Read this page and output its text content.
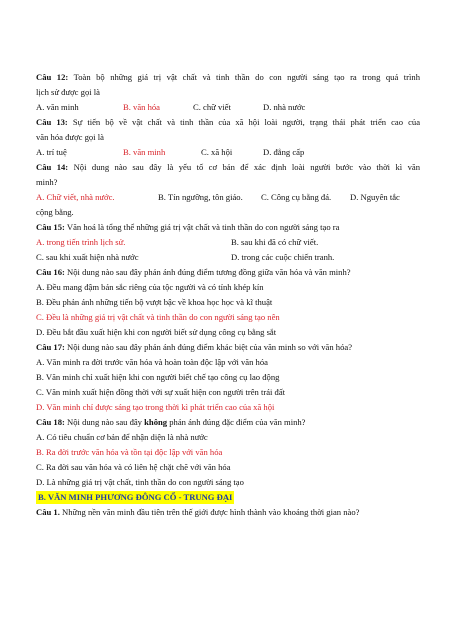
Câu 12: Toàn bộ những giá trị vật chất và tinh thần do con người sáng tạo ra trong quá trình
lịch sử được gọi là
A. văn minh	B. văn hóa	C. chữ viết	D. nhà nước
Câu 13: Sự tiến bộ về vật chất và tinh thần của xã hội loài người, trạng thái phát triển cao của
văn hóa được gọi là
A. trí tuệ	B. văn minh	C. xã hội	D. đẳng cấp
Câu 14: Nội dung nào sau đây là yếu tố cơ bản để xác định loài người bước vào thời kì văn
minh?
A. Chữ viết, nhà nước.	B. Tín ngưỡng, tôn giáo.	C. Công cụ bằng đá.	D. Nguyên tắc
cộng bằng.
Câu 15: Văn hoá là tổng thể những giá trị vật chất và tinh thần do con người sáng tạo ra
A. trong tiến trình lịch sử.	B. sau khi đã có chữ viết.
C. sau khi xuất hiện nhà nước	D. trong các cuộc chiến tranh.
Câu 16: Nội dung nào sau đây phản ánh đúng điểm tương đồng giữa văn hóa và văn minh?
A. Đều mang đậm bản sắc riêng của tộc người và có tính khép kín
B. Đều phản ánh những tiến bộ vượt bậc về khoa học học và kĩ thuật
C. Đều là những giá trị vật chất và tinh thần do con người sáng tạo nên
D. Đều bắt đầu xuất hiện khi con người biết sử dụng công cụ bằng sắt
Câu 17: Nội dung nào sau đây phản ánh đúng điểm khác biệt của văn minh so với văn hóa?
A. Văn minh ra đời trước văn hóa và hoàn toàn độc lập với văn hóa
B. Văn minh chỉ xuất hiện khi con người biết chế tạo công cụ lao động
C. Văn minh xuất hiện đồng thời với sự xuất hiện con người trên trái đất
D. Văn minh chỉ được sáng tạo trong thời kì phát triển cao của xã hội
Câu 18: Nội dung nào sau đây không phản ánh đúng đặc điểm của văn minh?
A. Có tiêu chuẩn cơ bản để nhận diện là nhà nước
B. Ra đời trước văn hóa và tồn tại độc lập với văn hóa
C. Ra đời sau văn hóa và có liên hệ chặt chẽ với văn hóa
D. Là những giá trị vật chất, tinh thần do con người sáng tạo
B. VĂN MINH PHƯƠNG ĐÔNG CỔ - TRUNG ĐẠI
Câu 1. Những nền văn minh đầu tiên trên thế giới được hình thành vào khoảng thời gian nào?
